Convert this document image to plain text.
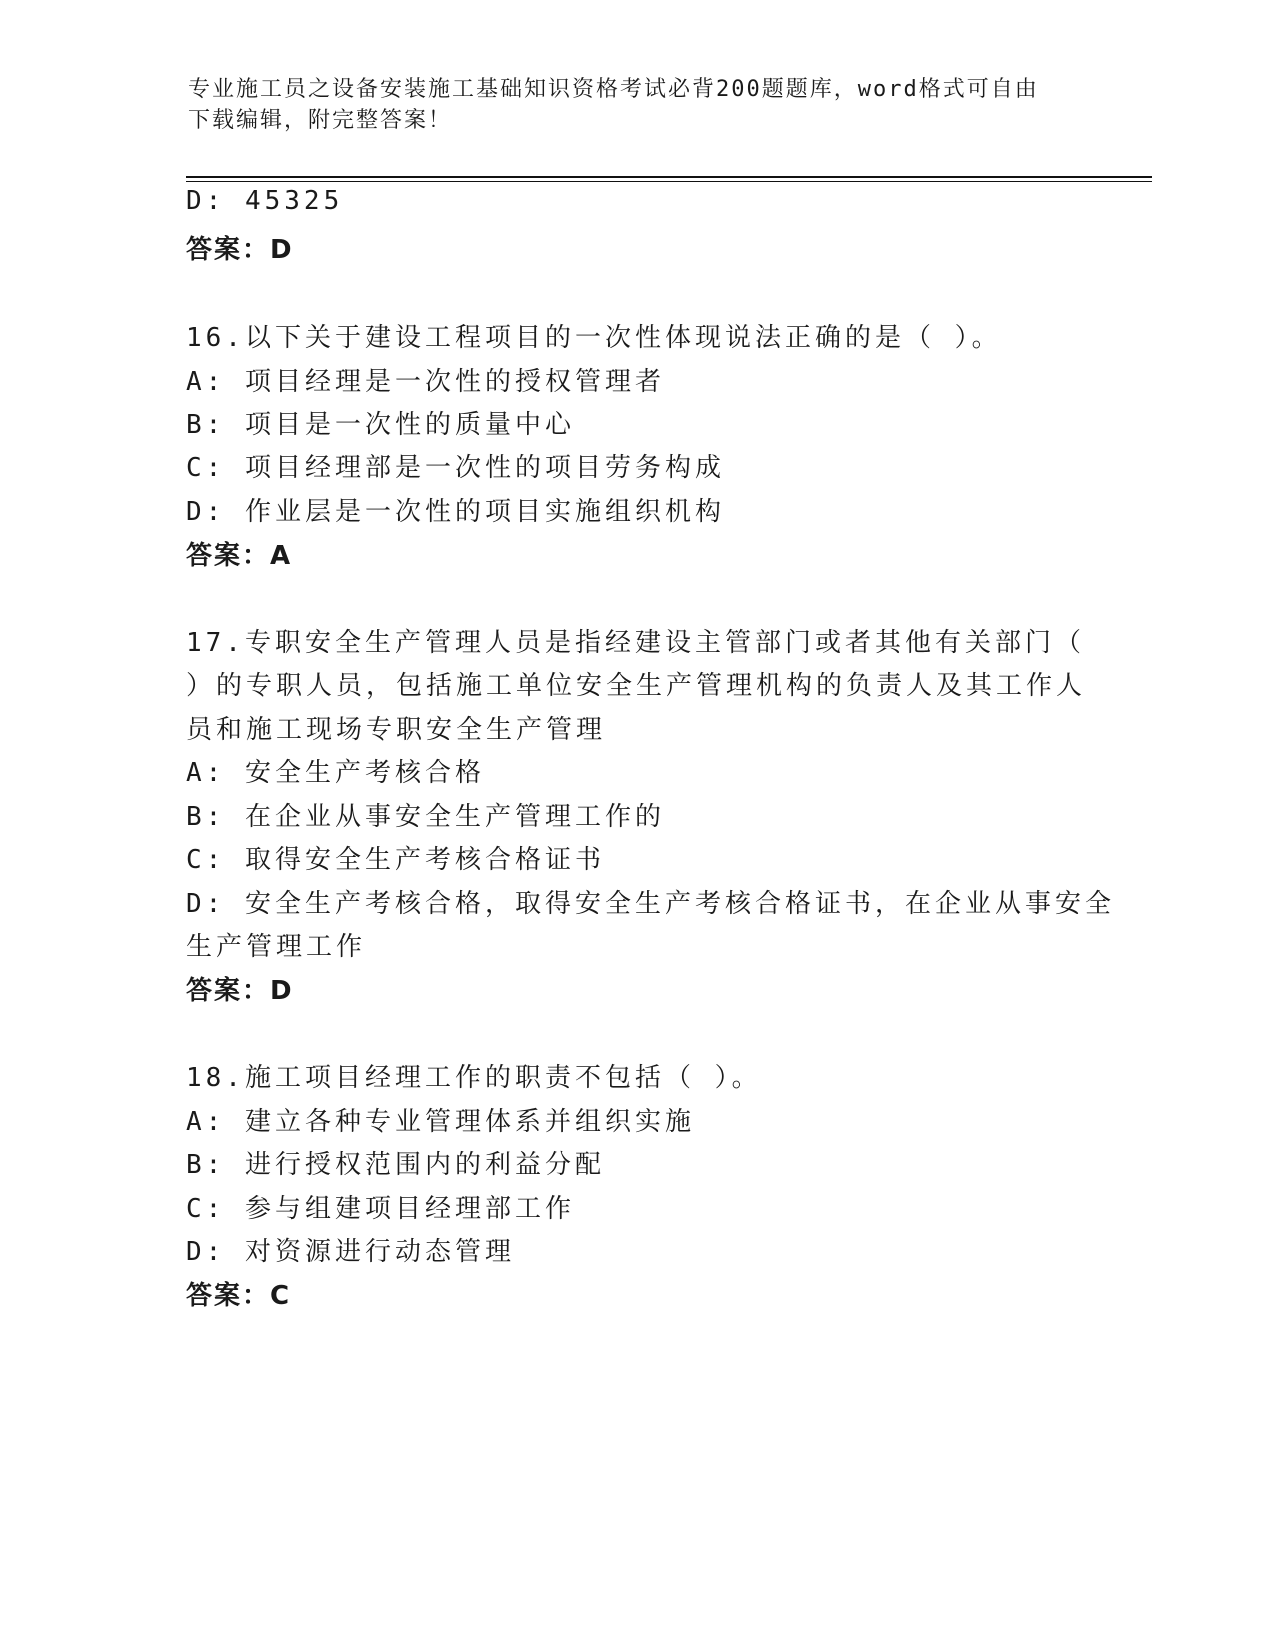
专业施工员之设备安装施工基础知识资格考试必背200题题库，word格式可自由
下载编辑，附完整答案！
D: 45325
答案：D
16.以下关于建设工程项目的一次性体现说法正确的是（ ）。
A: 项目经理是一次性的授权管理者
B: 项目是一次性的质量中心
C: 项目经理部是一次性的项目劳务构成
D: 作业层是一次性的项目实施组织机构
答案：A
17.专职安全生产管理人员是指经建设主管部门或者其他有关部门（
）的专职人员，包括施工单位安全生产管理机构的负责人及其工作人
员和施工现场专职安全生产管理
A: 安全生产考核合格
B: 在企业从事安全生产管理工作的
C: 取得安全生产考核合格证书
D: 安全生产考核合格，取得安全生产考核合格证书，在企业从事安全
生产管理工作
答案：D
18.施工项目经理工作的职责不包括（ ）。
A: 建立各种专业管理体系并组织实施
B: 进行授权范围内的利益分配
C: 参与组建项目经理部工作
D: 对资源进行动态管理
答案：C
